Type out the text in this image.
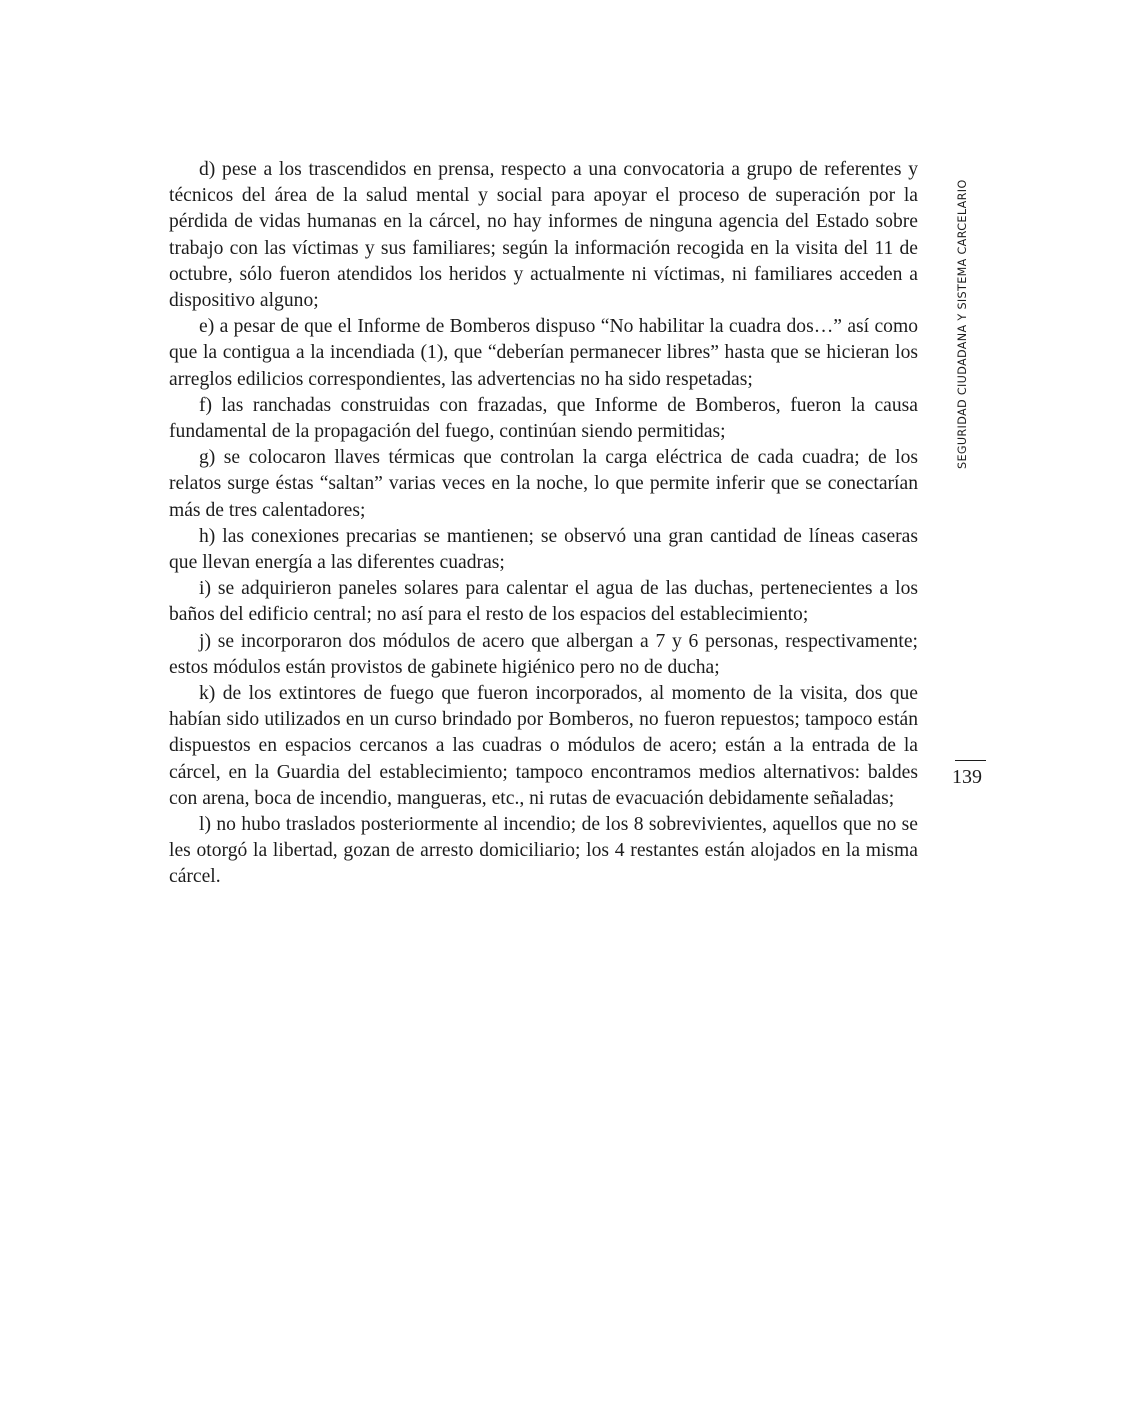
d) pese a los trascendidos en prensa, respecto a una convocatoria a grupo de referentes y técnicos del área de la salud mental y social para apoyar el proceso de superación por la pérdida de vidas humanas en la cárcel, no hay informes de ninguna agencia del Estado sobre trabajo con las víctimas y sus familiares; según la información recogida en la visita del 11 de octubre, sólo fueron atendidos los heridos y actualmente ni víctimas, ni familiares acceden a dispositivo alguno;

e) a pesar de que el Informe de Bomberos dispuso “No habilitar la cuadra dos…” así como que la contigua a la incendiada (1), que “deberían permanecer libres” hasta que se hicieran los arreglos edilicios correspondientes, las advertencias no ha sido respetadas;

f) las ranchadas construidas con frazadas, que Informe de Bomberos, fueron la causa fundamental de la propagación del fuego, continúan siendo permitidas;

g) se colocaron llaves térmicas que controlan la carga eléctrica de cada cuadra; de los relatos surge éstas “saltan” varias veces en la noche, lo que permite inferir que se conectarían más de tres calentadores;

h) las conexiones precarias se mantienen; se observó una gran cantidad de líneas caseras que llevan energía a las diferentes cuadras;

i) se adquirieron paneles solares para calentar el agua de las duchas, pertenecientes a los baños del edificio central; no así para el resto de los espacios del establecimiento;

j) se incorporaron dos módulos de acero que albergan a 7 y 6 personas, respectivamente; estos módulos están provistos de gabinete higiénico pero no de ducha;

k) de los extintores de fuego que fueron incorporados, al momento de la visita, dos que habían sido utilizados en un curso brindado por Bomberos, no fueron repuestos; tampoco están dispuestos en espacios cercanos a las cuadras o módulos de acero; están a la entrada de la cárcel, en la Guardia del establecimiento; tampoco encontramos medios alternativos: baldes con arena, boca de incendio, mangueras, etc., ni rutas de evacuación debidamente señaladas;

l) no hubo traslados posteriormente al incendio; de los 8 sobrevivientes, aquellos que no se les otorgó la libertad, gozan de arresto domiciliario; los 4 restantes están alojados en la misma cárcel.

SEGURIDAD CIUDADANA Y SISTEMA CARCELARIO
139
